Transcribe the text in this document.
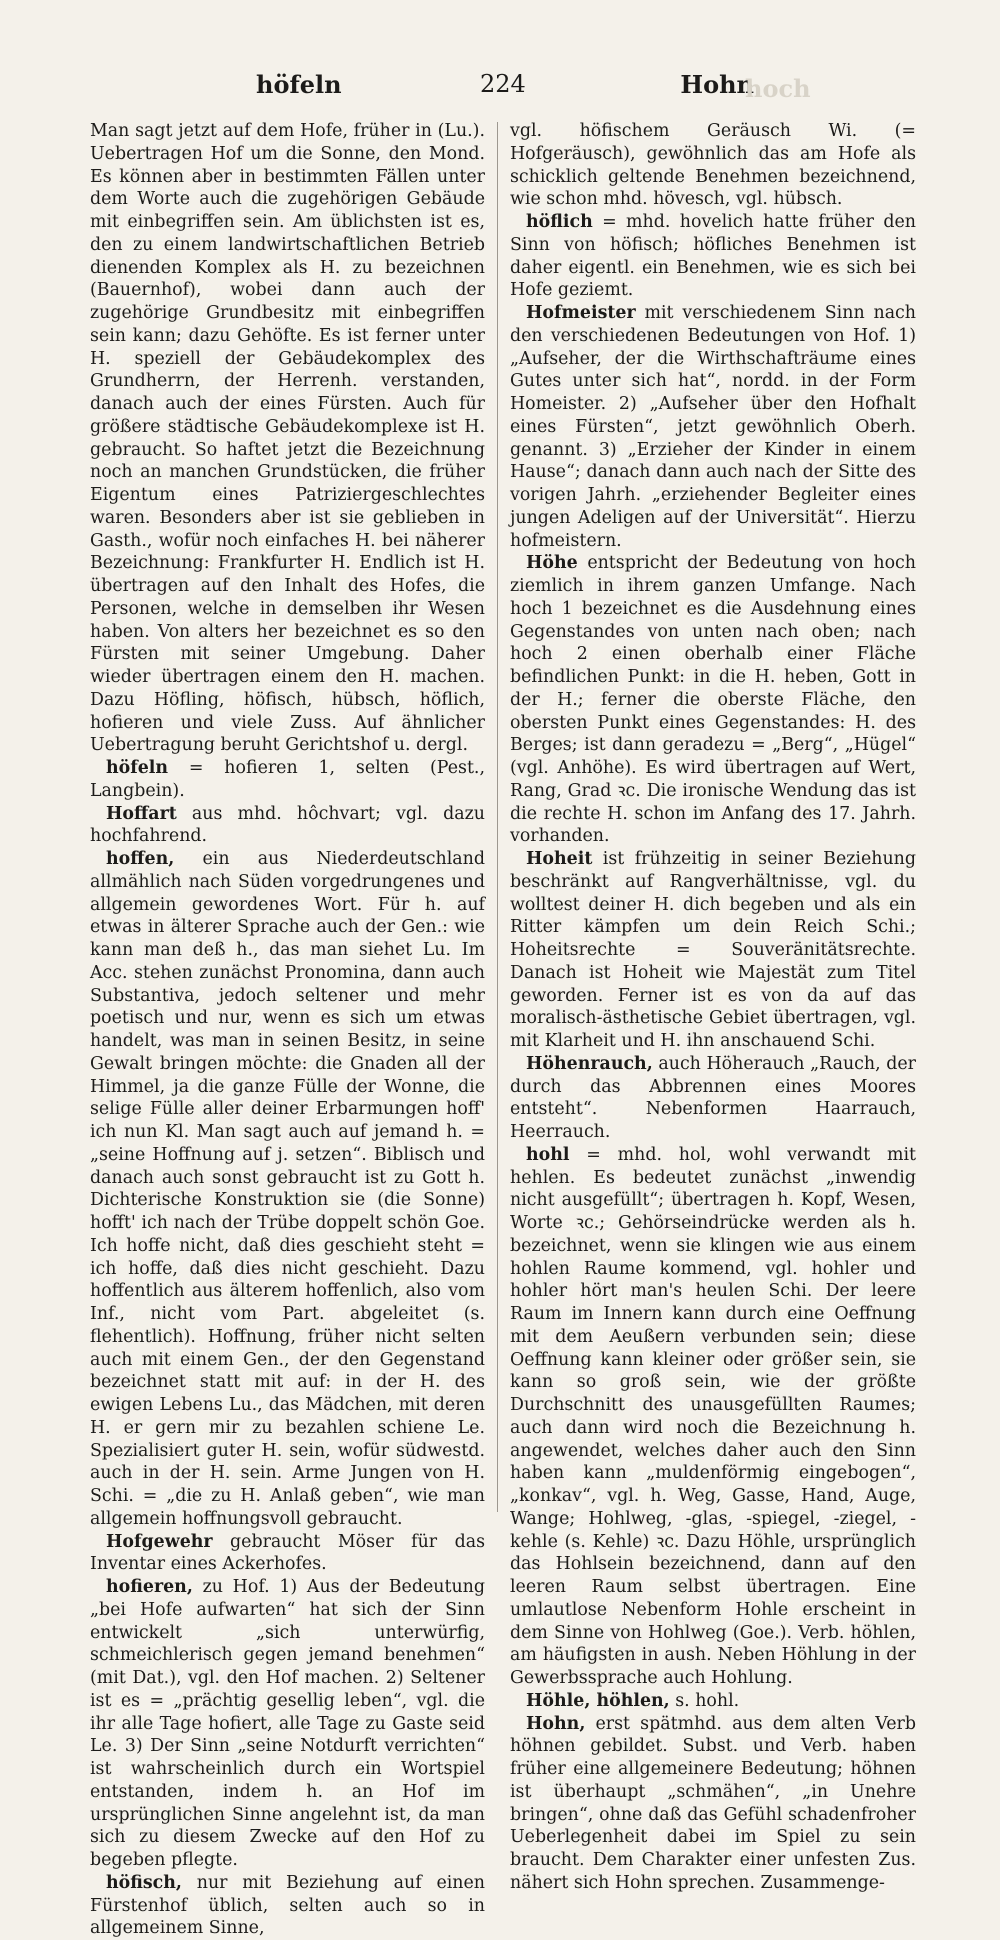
höfeln	224	Hohn
hoch

Man sagt jetzt auf dem Hofe, früher in (Lu.). Uebertragen Hof um die Sonne, den Mond. Es können aber in bestimmten Fällen unter dem Worte auch die zugehörigen Gebäude mit einbegriffen sein. Am üblichsten ist es, den zu einem landwirtschaftlichen Betrieb dienenden Komplex als H. zu bezeichnen (Bauernhof), wobei dann auch der zugehörige Grundbesitz mit einbegriffen sein kann; dazu Gehöfte. Es ist ferner unter H. speziell der Gebäudekomplex des Grundherrn, der Herrenh. verstanden, danach auch der eines Fürsten. Auch für größere städtische Gebäudekomplexe ist H. gebraucht. So haftet jetzt die Bezeichnung noch an manchen Grundstücken, die früher Eigentum eines Patriziergeschlechtes waren. Besonders aber ist sie geblieben in Gasth., wofür noch einfaches H. bei näherer Bezeichnung: Frankfurter H. Endlich ist H. übertragen auf den Inhalt des Hofes, die Personen, welche in demselben ihr Wesen haben. Von alters her bezeichnet es so den Fürsten mit seiner Umgebung. Daher wieder übertragen einem den H. machen. Dazu Höfling, höfisch, hübsch, höflich, hofieren und viele Zuss. Auf ähnlicher Uebertragung beruht Gerichtshof u. dergl.

höfeln = hofieren 1, selten (Pest., Langbein).

Hoffart aus mhd. hôchvart; vgl. dazu hochfahrend.

hoffen, ein aus Niederdeutschland allmählich nach Süden vorgedrungenes und allgemein gewordenes Wort. Für h. auf etwas in älterer Sprache auch der Gen.: wie kann man deß h., das man siehet Lu. Im Acc. stehen zunächst Pronomina, dann auch Substantiva, jedoch seltener und mehr poetisch und nur, wenn es sich um etwas handelt, was man in seinen Besitz, in seine Gewalt bringen möchte: die Gnaden all der Himmel, ja die ganze Fülle der Wonne, die selige Fülle aller deiner Erbarmungen hoff' ich nun Kl. Man sagt auch auf jemand h. = „seine Hoffnung auf j. setzen“. Biblisch und danach auch sonst gebraucht ist zu Gott h. Dichterische Konstruktion sie (die Sonne) hofft' ich nach der Trübe doppelt schön Goe. Ich hoffe nicht, daß dies geschieht steht = ich hoffe, daß dies nicht geschieht. Dazu hoffentlich aus älterem hoffenlich, also vom Inf., nicht vom Part. abgeleitet (s. flehentlich). Hoffnung, früher nicht selten auch mit einem Gen., der den Gegenstand bezeichnet statt mit auf: in der H. des ewigen Lebens Lu., das Mädchen, mit deren H. er gern mir zu bezahlen schiene Le. Spezialisiert guter H. sein, wofür südwestd. auch in der H. sein. Arme Jungen von H. Schi. = „die zu H. Anlaß geben“, wie man allgemein hoffnungsvoll gebraucht.

Hofgewehr gebraucht Möser für das Inventar eines Ackerhofes.

hofieren, zu Hof. 1) Aus der Bedeutung „bei Hofe aufwarten“ hat sich der Sinn entwickelt „sich unterwürfig, schmeichlerisch gegen jemand benehmen“ (mit Dat.), vgl. den Hof machen. 2) Seltener ist es = „prächtig gesellig leben“, vgl. die ihr alle Tage hofiert, alle Tage zu Gaste seid Le. 3) Der Sinn „seine Notdurft verrichten“ ist wahrscheinlich durch ein Wortspiel entstanden, indem h. an Hof im ursprünglichen Sinne angelehnt ist, da man sich zu diesem Zwecke auf den Hof zu begeben pflegte.

höfisch, nur mit Beziehung auf einen Fürstenhof üblich, selten auch so in allgemeinem Sinne,

vgl. höfischem Geräusch Wi. (= Hofgeräusch), gewöhnlich das am Hofe als schicklich geltende Benehmen bezeichnend, wie schon mhd. hövesch, vgl. hübsch.

höflich = mhd. hovelich hatte früher den Sinn von höfisch; höfliches Benehmen ist daher eigentl. ein Benehmen, wie es sich bei Hofe geziemt.

Hofmeister mit verschiedenem Sinn nach den verschiedenen Bedeutungen von Hof. 1) „Aufseher, der die Wirthschafträume eines Gutes unter sich hat“, nordd. in der Form Homeister. 2) „Aufseher über den Hofhalt eines Fürsten“, jetzt gewöhnlich Oberh. genannt. 3) „Erzieher der Kinder in einem Hause“; danach dann auch nach der Sitte des vorigen Jahrh. „erziehender Begleiter eines jungen Adeligen auf der Universität“. Hierzu hofmeistern.

Höhe entspricht der Bedeutung von hoch ziemlich in ihrem ganzen Umfange. Nach hoch 1 bezeichnet es die Ausdehnung eines Gegenstandes von unten nach oben; nach hoch 2 einen oberhalb einer Fläche befindlichen Punkt: in die H. heben, Gott in der H.; ferner die oberste Fläche, den obersten Punkt eines Gegenstandes: H. des Berges; ist dann geradezu = „Berg“, „Hügel“ (vgl. Anhöhe). Es wird übertragen auf Wert, Rang, Grad ꝛc. Die ironische Wendung das ist die rechte H. schon im Anfang des 17. Jahrh. vorhanden.

Hoheit ist frühzeitig in seiner Beziehung beschränkt auf Rangverhältnisse, vgl. du wolltest deiner H. dich begeben und als ein Ritter kämpfen um dein Reich Schi.; Hoheitsrechte = Souveränitätsrechte. Danach ist Hoheit wie Majestät zum Titel geworden. Ferner ist es von da auf das moralisch-ästhetische Gebiet übertragen, vgl. mit Klarheit und H. ihn anschauend Schi.

Höhenrauch, auch Höherauch „Rauch, der durch das Abbrennen eines Moores entsteht“. Nebenformen Haarrauch, Heerrauch.

hohl = mhd. hol, wohl verwandt mit hehlen. Es bedeutet zunächst „inwendig nicht ausgefüllt“; übertragen h. Kopf, Wesen, Worte ꝛc.; Gehörseindrücke werden als h. bezeichnet, wenn sie klingen wie aus einem hohlen Raume kommend, vgl. hohler und hohler hört man's heulen Schi. Der leere Raum im Innern kann durch eine Oeffnung mit dem Aeußern verbunden sein; diese Oeffnung kann kleiner oder größer sein, sie kann so groß sein, wie der größte Durchschnitt des unausgefüllten Raumes; auch dann wird noch die Bezeichnung h. angewendet, welches daher auch den Sinn haben kann „muldenförmig eingebogen“, „konkav“, vgl. h. Weg, Gasse, Hand, Auge, Wange; Hohlweg, -glas, -spiegel, -ziegel, -kehle (s. Kehle) ꝛc. Dazu Höhle, ursprünglich das Hohlsein bezeichnend, dann auf den leeren Raum selbst übertragen. Eine umlautlose Nebenform Hohle erscheint in dem Sinne von Hohlweg (Goe.). Verb. höhlen, am häufigsten in aush. Neben Höhlung in der Gewerbssprache auch Hohlung.

Höhle, höhlen, s. hohl.

Hohn, erst spätmhd. aus dem alten Verb höhnen gebildet. Subst. und Verb. haben früher eine allgemeinere Bedeutung; höhnen ist überhaupt „schmähen“, „in Unehre bringen“, ohne daß das Gefühl schadenfroher Ueberlegenheit dabei im Spiel zu sein braucht. Dem Charakter einer unfesten Zus. nähert sich Hohn sprechen. Zusammenge-
